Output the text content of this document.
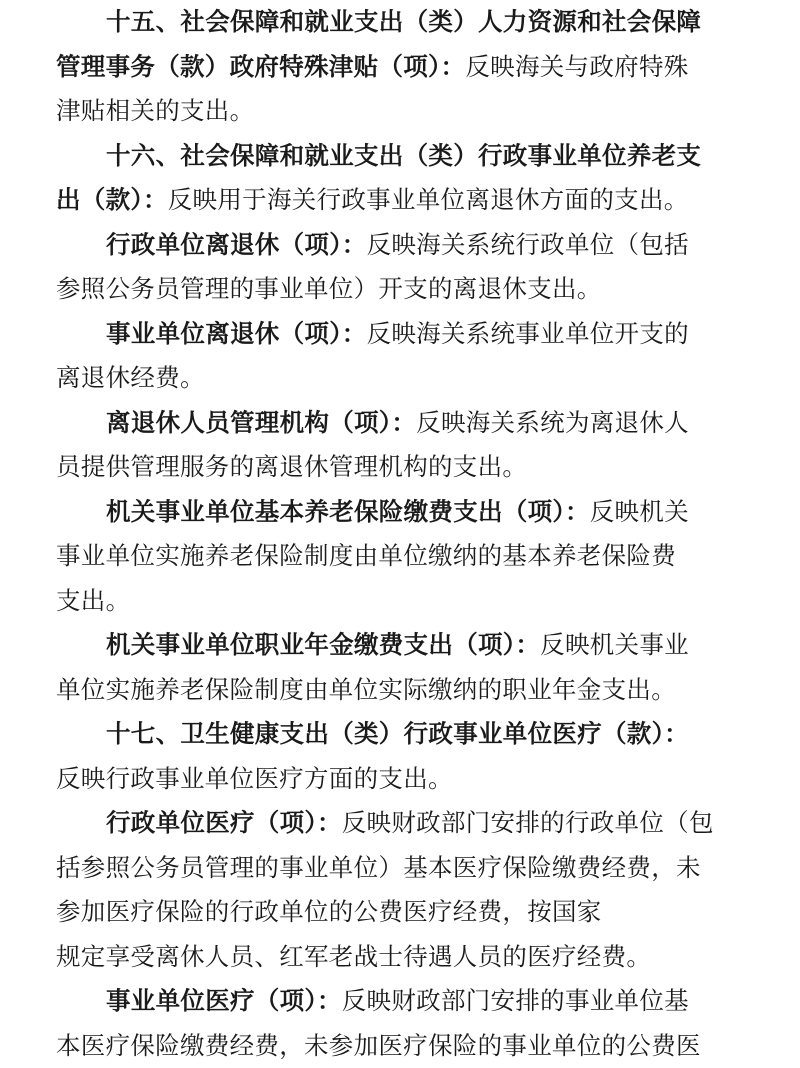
十五、社会保障和就业支出（类）人力资源和社会保障
管理事务（款）政府特殊津贴（项）：反映海关与政府特殊
津贴相关的支出。

十六、社会保障和就业支出（类）行政事业单位养老支
出（款）：反映用于海关行政事业单位离退休方面的支出。

行政单位离退休（项）：反映海关系统行政单位（包括
参照公务员管理的事业单位）开支的离退休支出。

事业单位离退休（项）：反映海关系统事业单位开支的
离退休经费。

离退休人员管理机构（项）：反映海关系统为离退休人
员提供管理服务的离退休管理机构的支出。

机关事业单位基本养老保险缴费支出（项）：反映机关
事业单位实施养老保险制度由单位缴纳的基本养老保险费
支出。

机关事业单位职业年金缴费支出（项）：反映机关事业
单位实施养老保险制度由单位实际缴纳的职业年金支出。

十七、卫生健康支出（类）行政事业单位医疗（款）：
反映行政事业单位医疗方面的支出。

行政单位医疗（项）：反映财政部门安排的行政单位（包
括参照公务员管理的事业单位）基本医疗保险缴费经费，未
参加医疗保险的行政单位的公费医疗经费，按国家
规定享受离休人员、红军老战士待遇人员的医疗经费。

事业单位医疗（项）：反映财政部门安排的事业单位基
本医疗保险缴费经费，未参加医疗保险的事业单位的公费医
